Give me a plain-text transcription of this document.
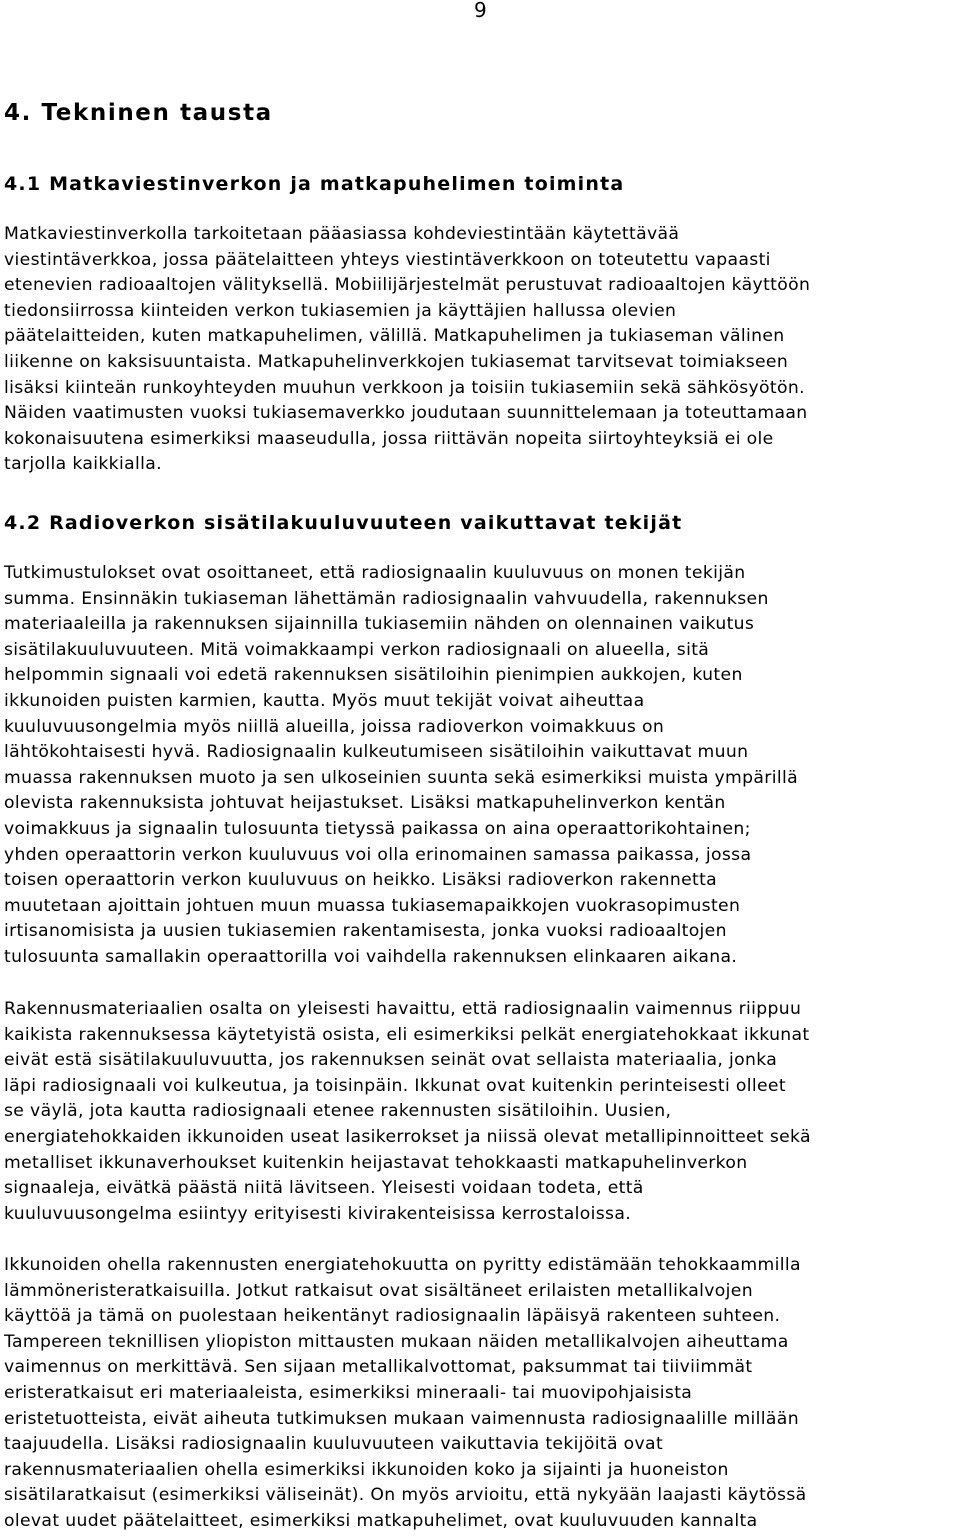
9
4. Tekninen tausta
4.1 Matkaviestinverkon ja matkapuhelimen toiminta

Matkaviestinverkolla tarkoitetaan pääasiassa kohdeviestintään käytettävää
viestintäverkkoa, jossa päätelaitteen yhteys viestintäverkkoon on toteutettu vapaasti
etenevien radioaaltojen välityksellä. Mobiilijärjestelmät perustuvat radioaaltojen käyttöön
tiedonsiirrossa kiinteiden verkon tukiasemien ja käyttäjien hallussa olevien
päätelaitteiden, kuten matkapuhelimen, välillä. Matkapuhelimen ja tukiaseman välinen
liikenne on kaksisuuntaista. Matkapuhelinverkkojen tukiasemat tarvitsevat toimiakseen
lisäksi kiinteän runkoyhteyden muuhun verkkoon ja toisiin tukiasemiin sekä sähkösyötön.
Näiden vaatimusten vuoksi tukiasemaverkko joudutaan suunnittelemaan ja toteuttamaan
kokonaisuutena esimerkiksi maaseudulla, jossa riittävän nopeita siirtoyhteyksiä ei ole
tarjolla kaikkialla.

4.2 Radioverkon sisätilakuuluvuuteen vaikuttavat tekijät

Tutkimustulokset ovat osoittaneet, että radiosignaalin kuuluvuus on monen tekijän
summa. Ensinnäkin tukiaseman lähettämän radiosignaalin vahvuudella, rakennuksen
materiaaleilla ja rakennuksen sijainnilla tukiasemiin nähden on olennainen vaikutus
sisätilakuuluvuuteen. Mitä voimakkaampi verkon radiosignaali on alueella, sitä
helpommin signaali voi edetä rakennuksen sisätiloihin pienimpien aukkojen, kuten
ikkunoiden puisten karmien, kautta. Myös muut tekijät voivat aiheuttaa
kuuluvuusongelmia myös niillä alueilla, joissa radioverkon voimakkuus on
lähtökohtaisesti hyvä. Radiosignaalin kulkeutumiseen sisätiloihin vaikuttavat muun
muassa rakennuksen muoto ja sen ulkoseinien suunta sekä esimerkiksi muista ympärillä
olevista rakennuksista johtuvat heijastukset. Lisäksi matkapuhelinverkon kentän
voimakkuus ja signaalin tulosuunta tietyssä paikassa on aina operaattorikohtainen;
yhden operaattorin verkon kuuluvuus voi olla erinomainen samassa paikassa, jossa
toisen operaattorin verkon kuuluvuus on heikko. Lisäksi radioverkon rakennetta
muutetaan ajoittain johtuen muun muassa tukiasemapaikkojen vuokrasopimusten
irtisanomisista ja uusien tukiasemien rakentamisesta, jonka vuoksi radioaaltojen
tulosuunta samallakin operaattorilla voi vaihdella rakennuksen elinkaaren aikana.

Rakennusmateriaalien osalta on yleisesti havaittu, että radiosignaalin vaimennus riippuu
kaikista rakennuksessa käytetyistä osista, eli esimerkiksi pelkät energiatehokkaat ikkunat
eivät estä sisätilakuuluvuutta, jos rakennuksen seinät ovat sellaista materiaalia, jonka
läpi radiosignaali voi kulkeutua, ja toisinpäin. Ikkunat ovat kuitenkin perinteisesti olleet
se väylä, jota kautta radiosignaali etenee rakennusten sisätiloihin. Uusien,
energiatehokkaiden ikkunoiden useat lasikerrokset ja niissä olevat metallipinnoitteet sekä
metalliset ikkunaverhoukset kuitenkin heijastavat tehokkaasti matkapuhelinverkon
signaaleja, eivätkä päästä niitä lävitseen. Yleisesti voidaan todeta, että
kuuluvuusongelma esiintyy erityisesti kivirakenteisissa kerrostaloissa.

Ikkunoiden ohella rakennusten energiatehokuutta on pyritty edistämään tehokkaammilla
lämmöneristeratkaisuilla. Jotkut ratkaisut ovat sisältäneet erilaisten metallikalvojen
käyttöä ja tämä on puolestaan heikentänyt radiosignaalin läpäisyä rakenteen suhteen.
Tampereen teknillisen yliopiston mittausten mukaan näiden metallikalvojen aiheuttama
vaimennus on merkittävä. Sen sijaan metallikalvottomat, paksummat tai tiiviimmät
eristeratkaisut eri materiaaleista, esimerkiksi mineraali- tai muovipohjaisista
eristetuotteista, eivät aiheuta tutkimuksen mukaan vaimennusta radiosignaalille millään
taajuudella. Lisäksi radiosignaalin kuuluvuuteen vaikuttavia tekijöitä ovat
rakennusmateriaalien ohella esimerkiksi ikkunoiden koko ja sijainti ja huoneiston
sisätilaratkaisut (esimerkiksi väliseinät). On myös arvioitu, että nykyään laajasti käytössä
olevat uudet päätelaitteet, esimerkiksi matkapuhelimet, ovat kuuluvuuden kannalta
